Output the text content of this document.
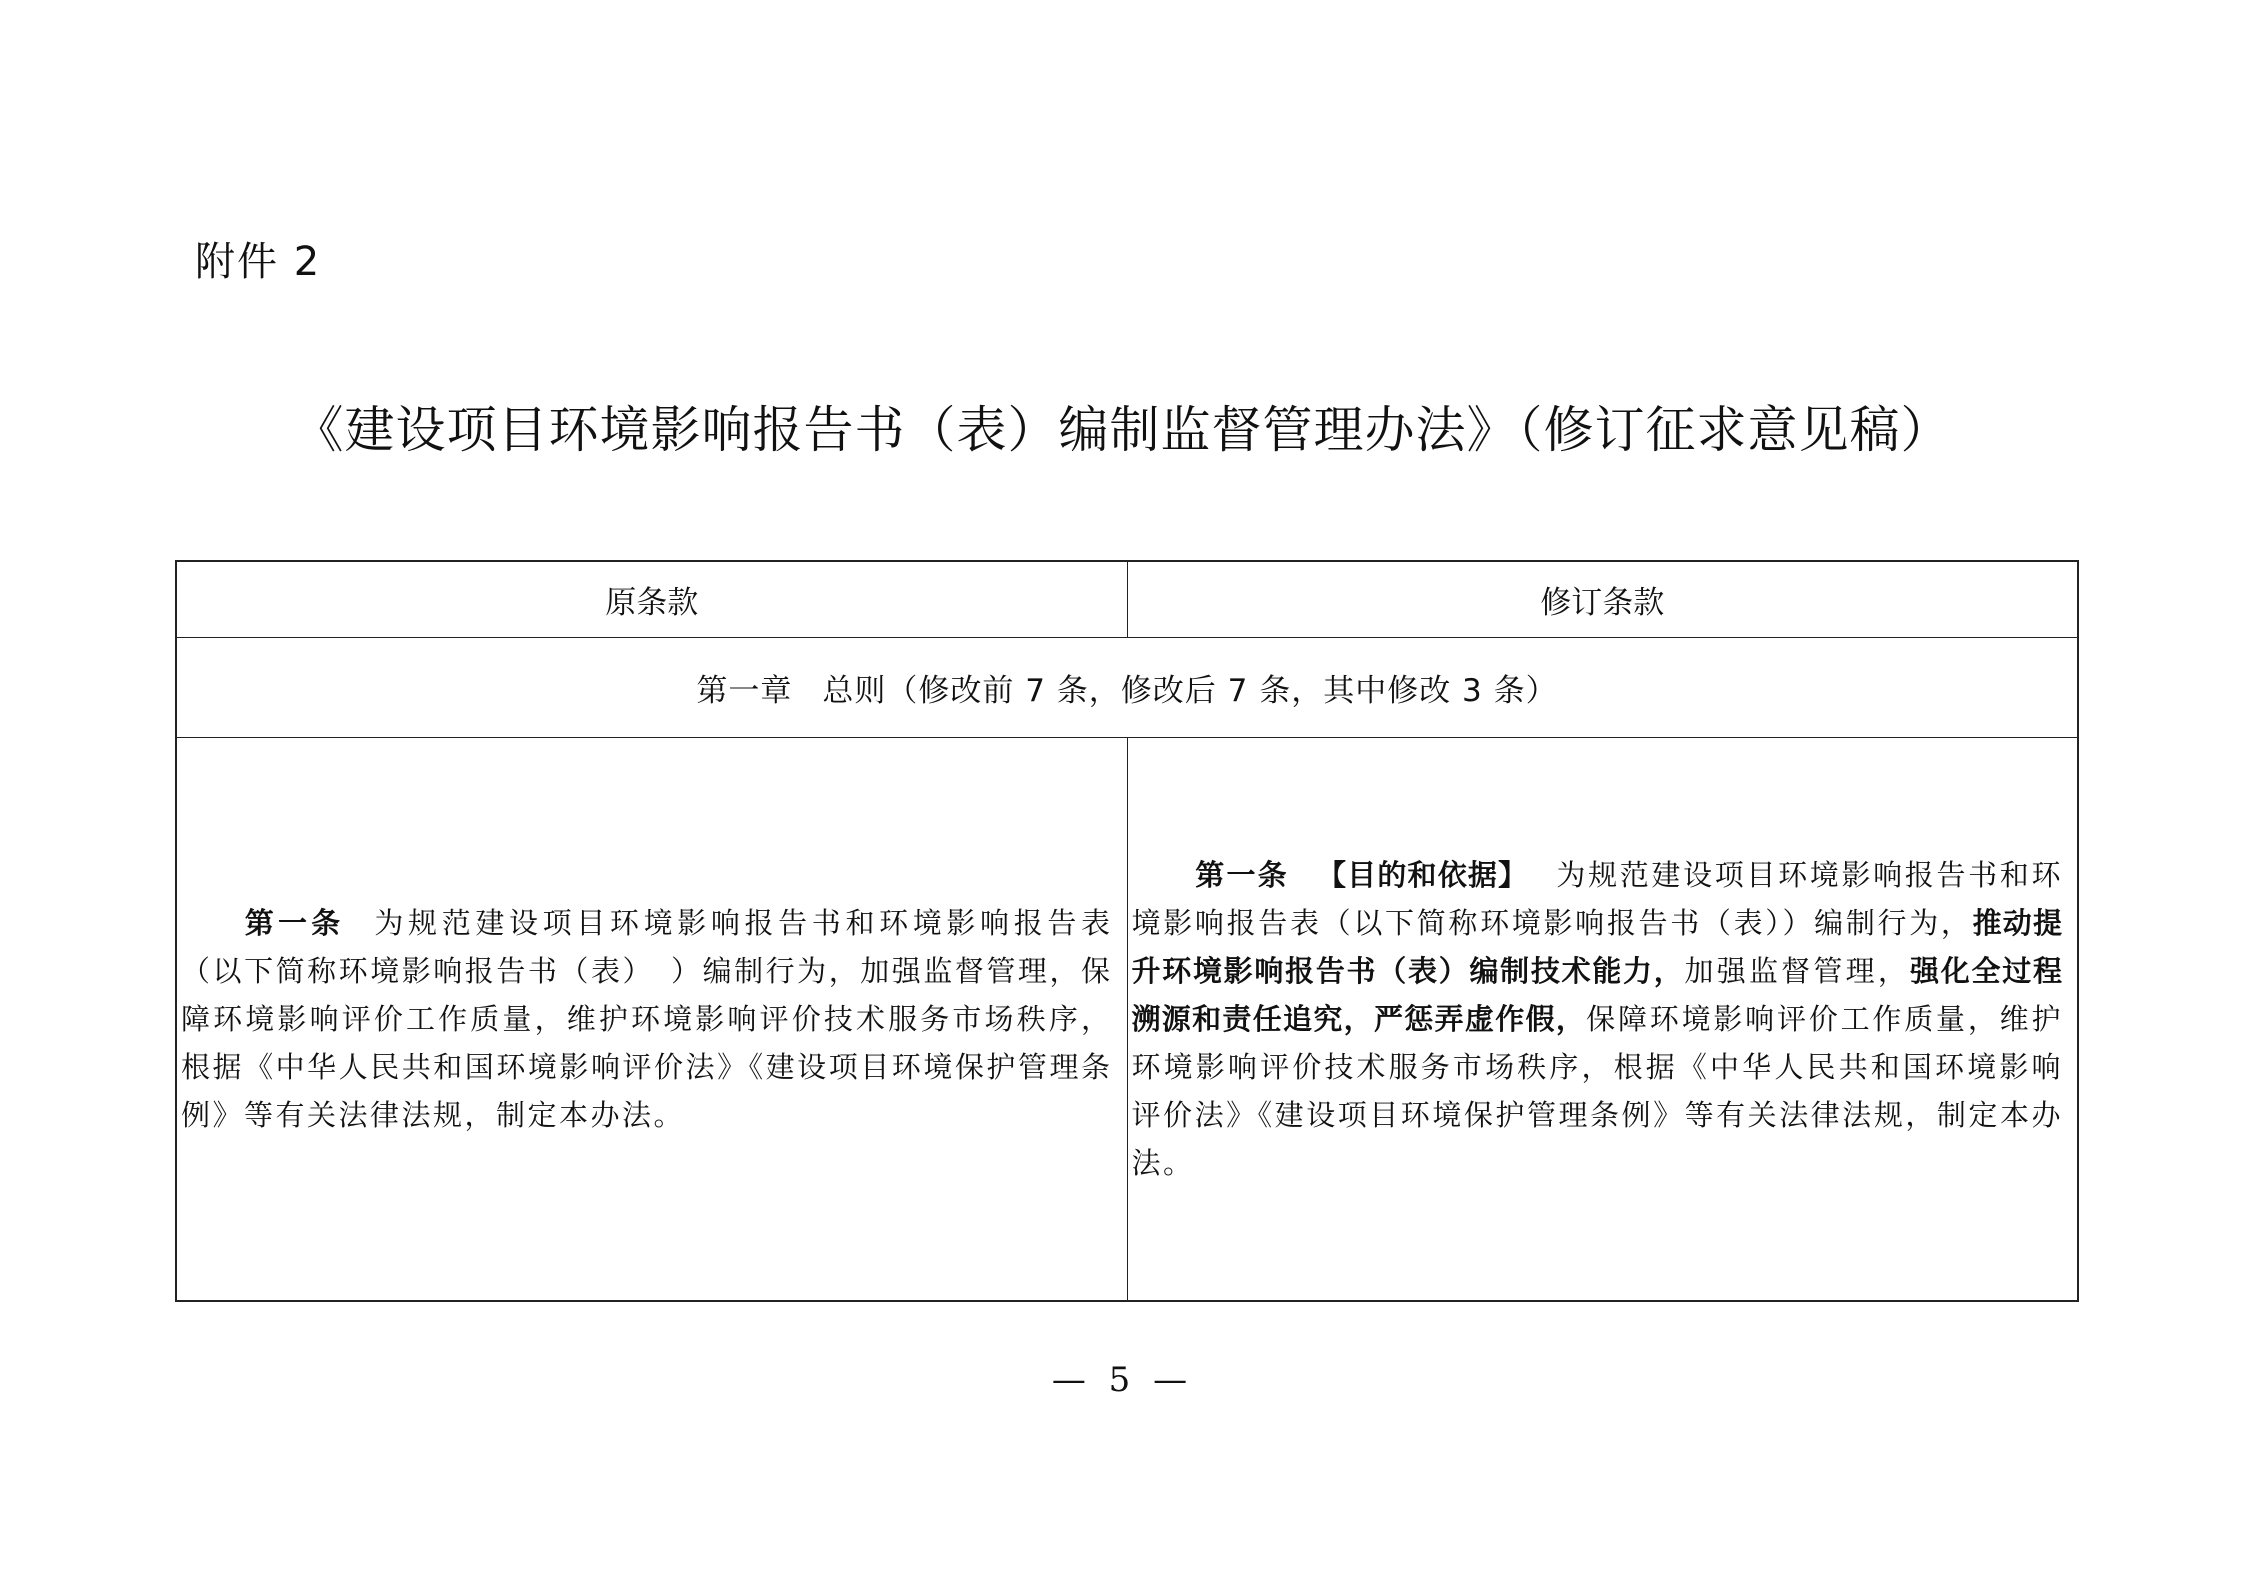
附件 2
《建设项目环境影响报告书（表）编制监督管理办法》（修订征求意见稿）
原条款	修订条款
第一章 总则（修改前 7 条，修改后 7 条，其中修改 3 条）	

第一条 为规范建设项目环境影响报告书和环境影响报告表（以下简称环境影响报告书（表）　）编制行为，加强监督管理，保障环境影响评价工作质量，维护环境影响评价技术服务市场秩序，根据《中华人民共和国环境影响评价法》《建设项目环境保护管理条例》等有关法律法规，制定本办法。	第一条 【目的和依据】 为规范建设项目环境影响报告书和环境影响报告表（以下简称环境影响报告书（表））编制行为，推动提升环境影响报告书（表）编制技术能力，加强监督管理，强化全过程溯源和责任追究，严惩弄虚作假，保障环境影响评价工作质量，维护环境影响评价技术服务市场秩序，根据《中华人民共和国环境影响评价法》《建设项目环境保护管理条例》等有关法律法规，制定本办法。

— 5 —
